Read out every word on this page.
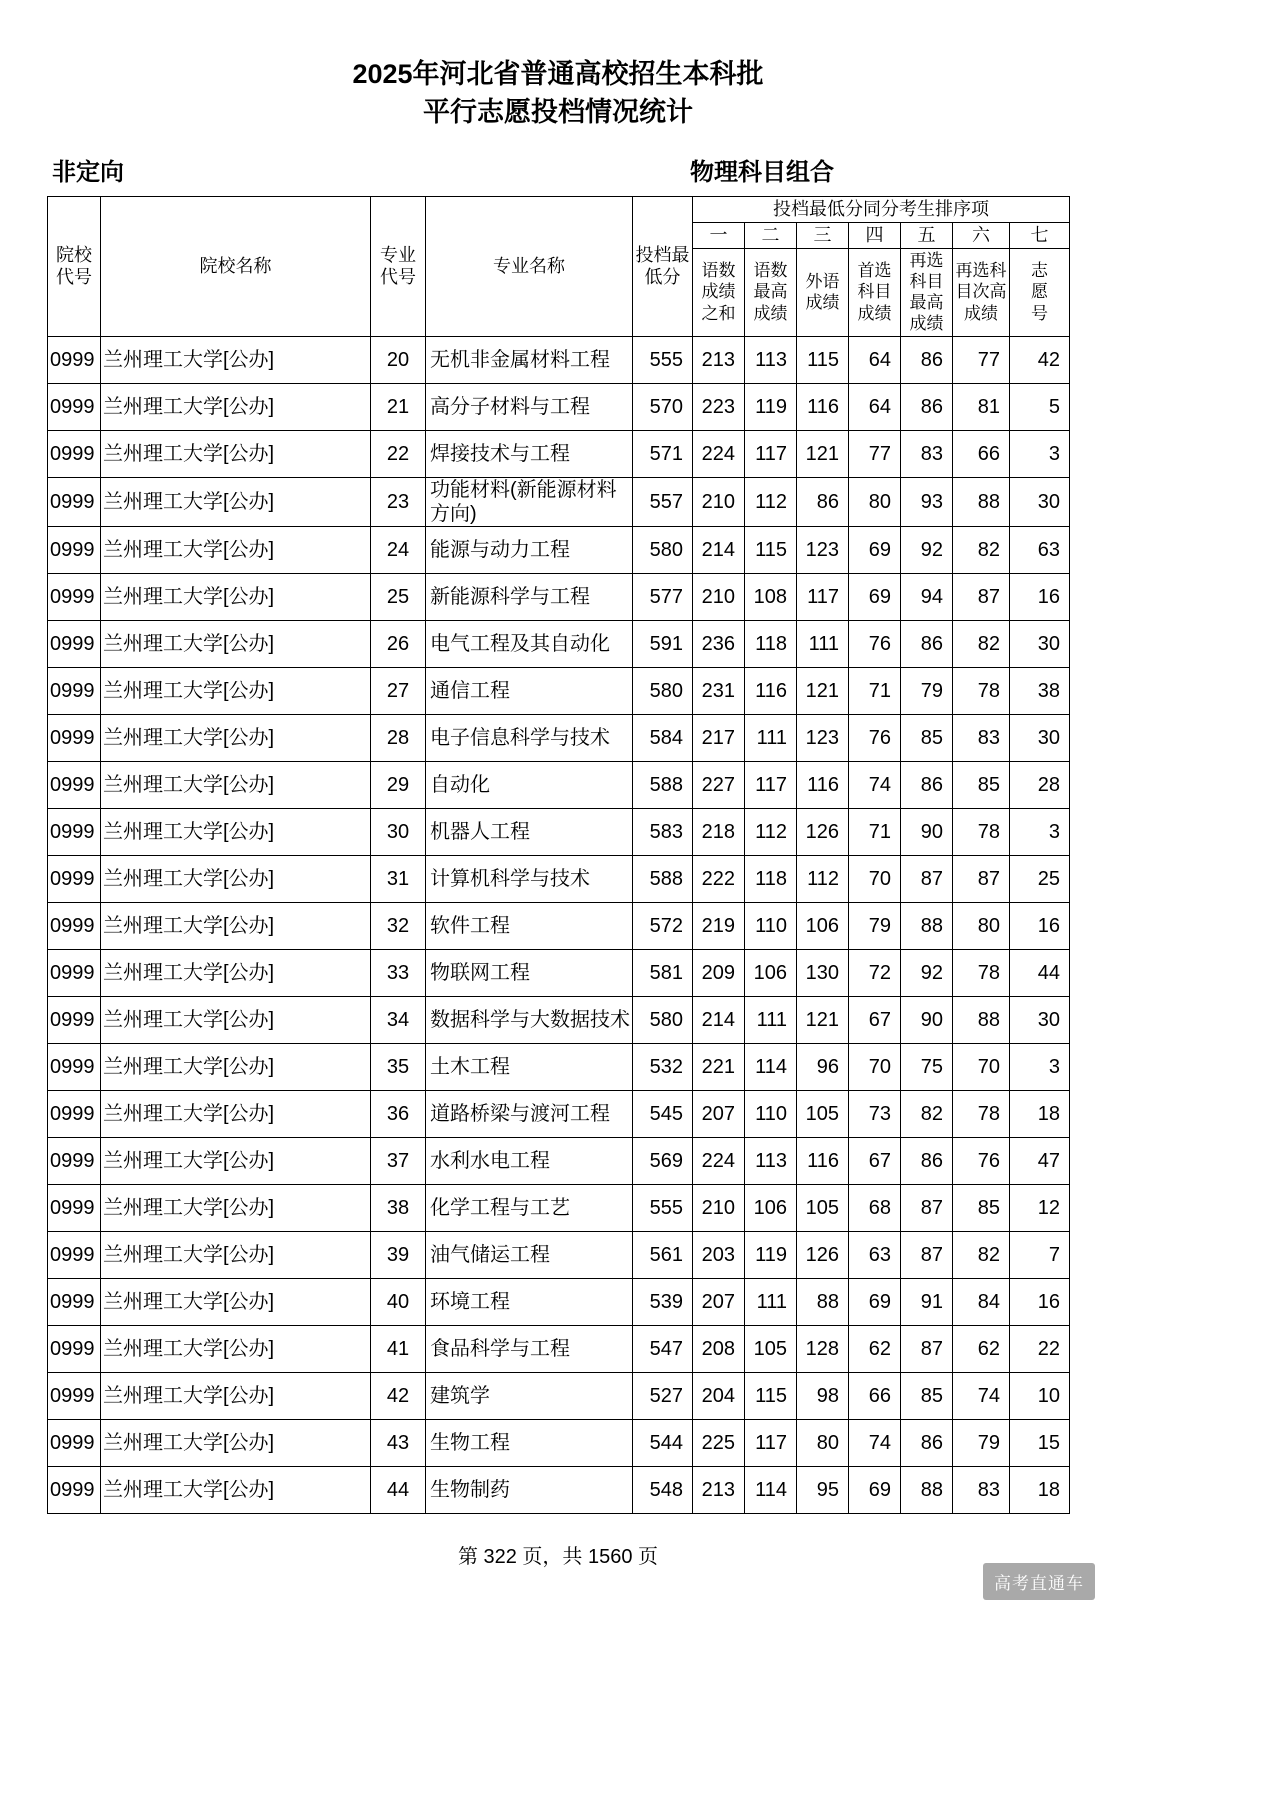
2025年河北省普通高校招生本科批
平行志愿投档情况统计
非定向	物理科目组合
院校代号	院校名称	专业代号	专业名称	投档最低分	投档最低分同分考生排序项						
					一	二	三	四	五	六	七
					语数成绩之和	语数最高成绩	外语成绩	首选科目成绩	再选科目最高成绩	再选科目次高成绩	志愿号
0999	兰州理工大学[公办]	20	无机非金属材料工程	555	213	113	115	64	86	77	42
0999	兰州理工大学[公办]	21	高分子材料与工程	570	223	119	116	64	86	81	5
0999	兰州理工大学[公办]	22	焊接技术与工程	571	224	117	121	77	83	66	3
0999	兰州理工大学[公办]	23	功能材料(新能源材料方向)	557	210	112	86	80	93	88	30
0999	兰州理工大学[公办]	24	能源与动力工程	580	214	115	123	69	92	82	63
0999	兰州理工大学[公办]	25	新能源科学与工程	577	210	108	117	69	94	87	16
0999	兰州理工大学[公办]	26	电气工程及其自动化	591	236	118	111	76	86	82	30
0999	兰州理工大学[公办]	27	通信工程	580	231	116	121	71	79	78	38
0999	兰州理工大学[公办]	28	电子信息科学与技术	584	217	111	123	76	85	83	30
0999	兰州理工大学[公办]	29	自动化	588	227	117	116	74	86	85	28
0999	兰州理工大学[公办]	30	机器人工程	583	218	112	126	71	90	78	3
0999	兰州理工大学[公办]	31	计算机科学与技术	588	222	118	112	70	87	87	25
0999	兰州理工大学[公办]	32	软件工程	572	219	110	106	79	88	80	16
0999	兰州理工大学[公办]	33	物联网工程	581	209	106	130	72	92	78	44
0999	兰州理工大学[公办]	34	数据科学与大数据技术	580	214	111	121	67	90	88	30
0999	兰州理工大学[公办]	35	土木工程	532	221	114	96	70	75	70	3
0999	兰州理工大学[公办]	36	道路桥梁与渡河工程	545	207	110	105	73	82	78	18
0999	兰州理工大学[公办]	37	水利水电工程	569	224	113	116	67	86	76	47
0999	兰州理工大学[公办]	38	化学工程与工艺	555	210	106	105	68	87	85	12
0999	兰州理工大学[公办]	39	油气储运工程	561	203	119	126	63	87	82	7
0999	兰州理工大学[公办]	40	环境工程	539	207	111	88	69	91	84	16
0999	兰州理工大学[公办]	41	食品科学与工程	547	208	105	128	62	87	62	22
0999	兰州理工大学[公办]	42	建筑学	527	204	115	98	66	85	74	10
0999	兰州理工大学[公办]	43	生物工程	544	225	117	80	74	86	79	15
0999	兰州理工大学[公办]	44	生物制药	548	213	114	95	69	88	83	18
第 322 页，共 1560 页
高考直通车
